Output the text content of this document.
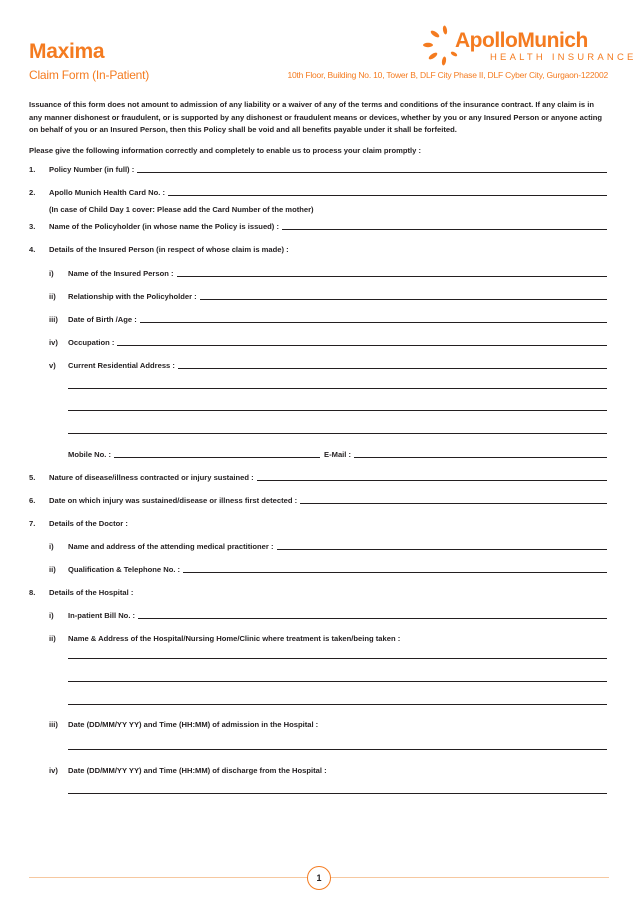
Maxima
Claim Form (In-Patient)	10th Floor, Building No. 10, Tower B, DLF City Phase II, DLF Cyber City, Gurgaon-122002
ApolloMunich
HEALTH INSURANCE
Issuance of this form does not amount to admission of any liability or a waiver of any of the terms and conditions of the insurance contract. If any claim is in any manner dishonest or fraudulent, or is supported by any dishonest or fraudulent means or devices, whether by you or any Insured Person or anyone acting on behalf of you or an Insured Person, then this Policy shall be void and all benefits payable under it shall be forfeited.
Please give the following information correctly and completely to enable us to process your claim promptly :
1.	Policy Number (in full) :
2.	Apollo Munich Health Card No. :
(In case of Child Day 1 cover: Please add the Card Number of the mother)
3.	Name of the Policyholder (in whose name the Policy is issued) :
4.	Details of the Insured Person (in respect of whose claim is made) :
i)	Name of the Insured Person :
ii)	Relationship with the Policyholder :
iii)	Date of Birth /Age :
iv)	Occupation :
v)	Current Residential Address :
Mobile No. :	E-Mail :
5.	Nature of disease/illness contracted or injury sustained :
6.	Date on which injury was sustained/disease or illness first detected :
7.	Details of the Doctor :
i)	Name and address of the attending medical practitioner :
ii)	Qualification & Telephone No. :
8.	Details of the Hospital :
i)	In-patient Bill No. :
ii)	Name & Address of the Hospital/Nursing Home/Clinic where treatment is taken/being taken :
iii)	Date (DD/MM/YY YY) and Time (HH:MM) of admission in the Hospital :
iv)	Date (DD/MM/YY YY) and Time (HH:MM) of discharge from the Hospital :
1
